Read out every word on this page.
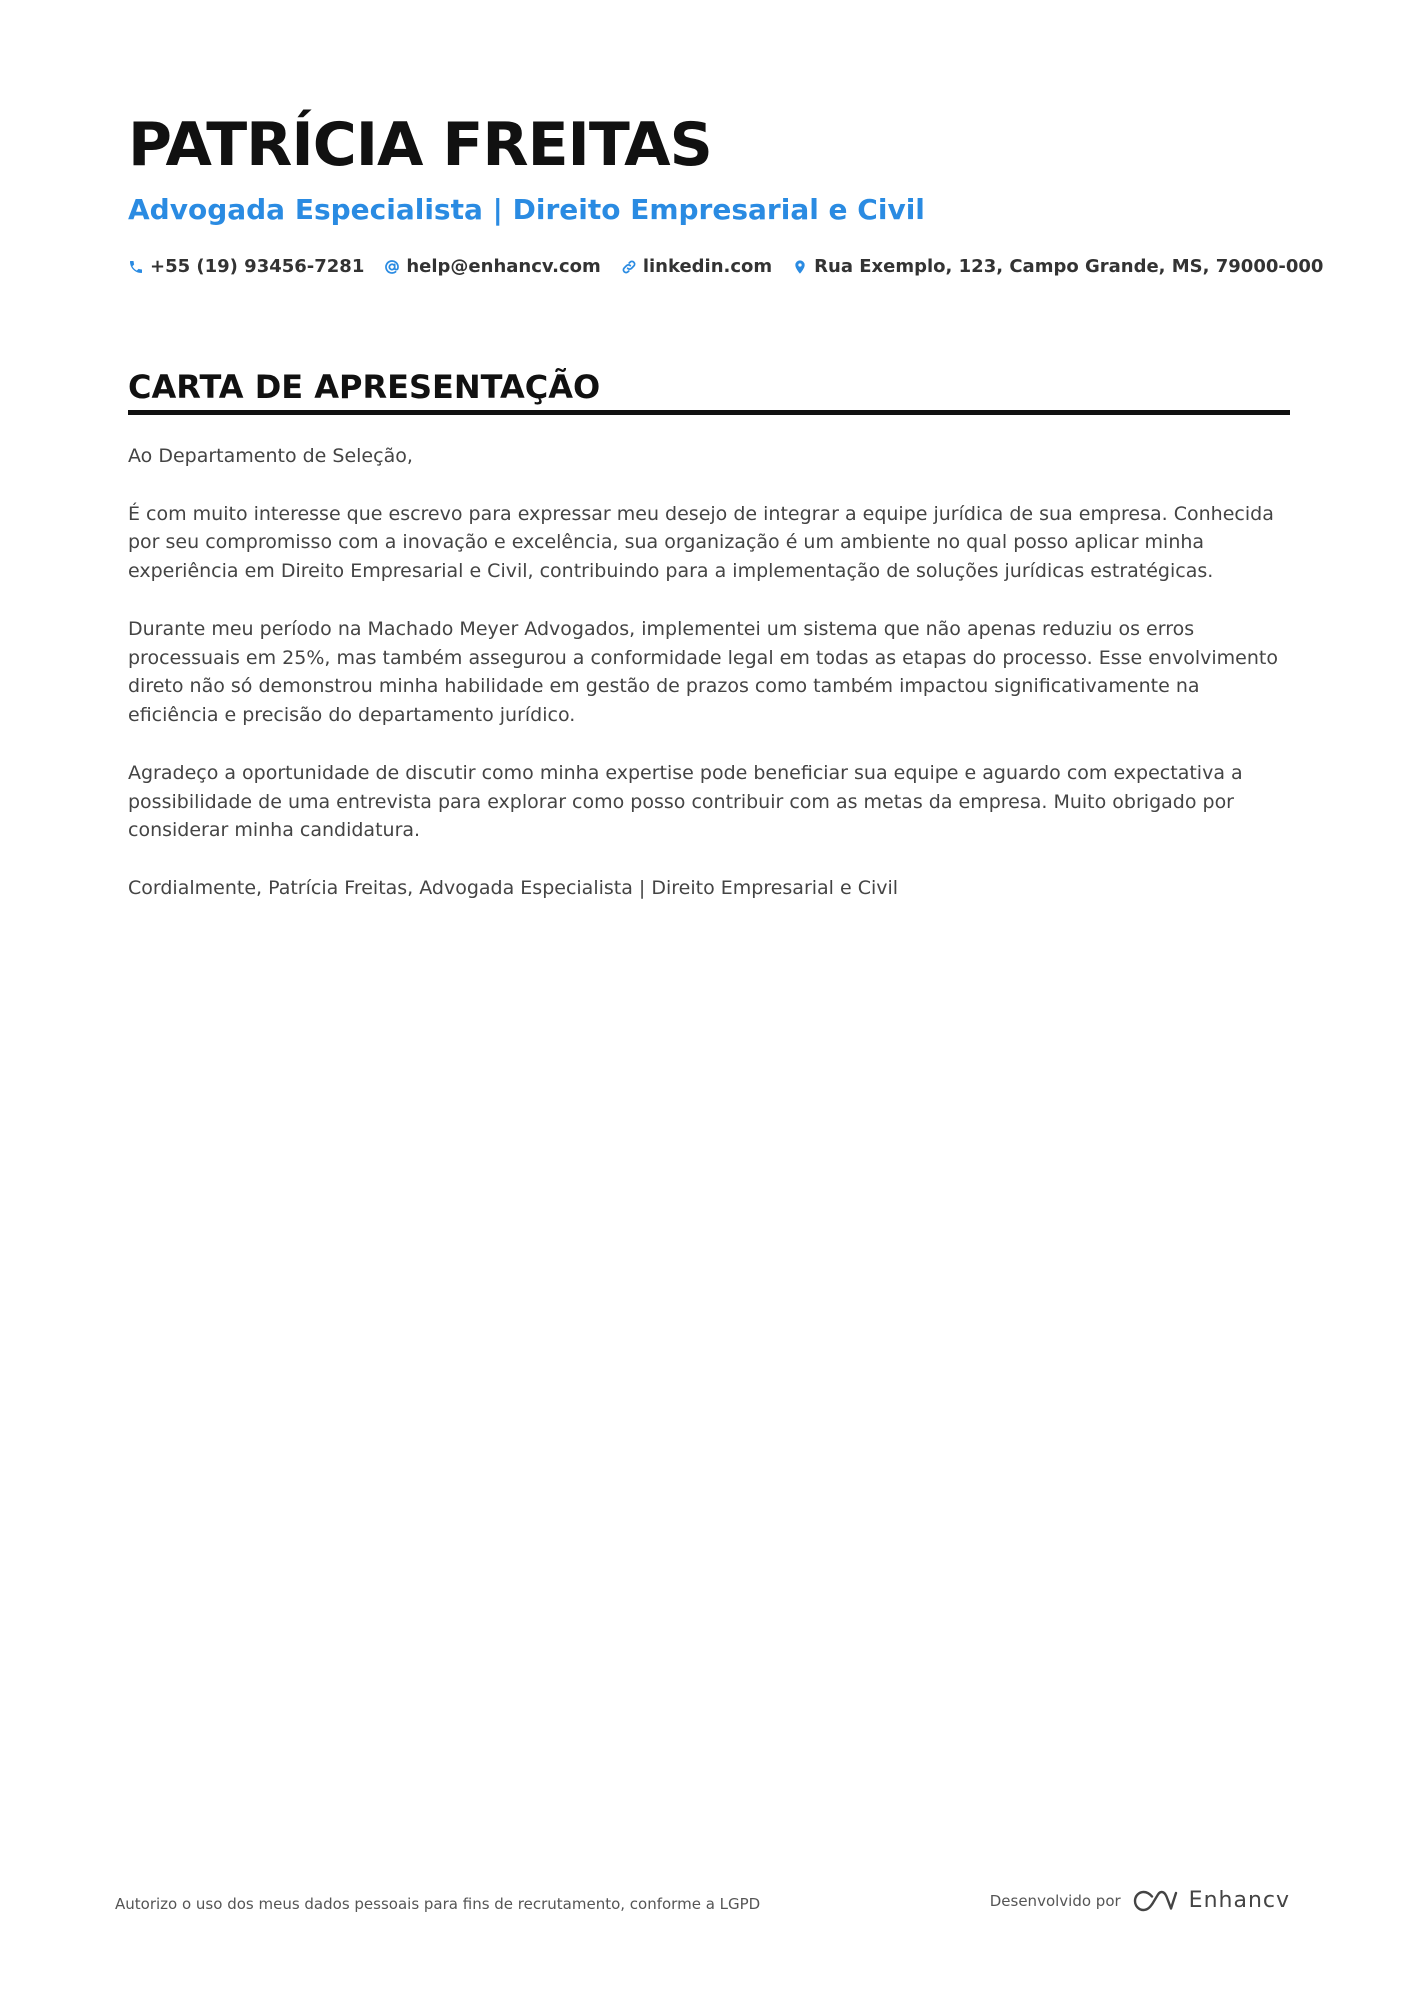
PATRÍCIA FREITAS
Advogada Especialista | Direito Empresarial e Civil
+55 (19) 93456-7281 help@enhancv.com linkedin.com Rua Exemplo, 123, Campo Grande, MS, 79000-000
CARTA DE APRESENTAÇÃO

Ao Departamento de Seleção,

É com muito interesse que escrevo para expressar meu desejo de integrar a equipe jurídica de sua empresa. Conhecida por seu compromisso com a inovação e excelência, sua organização é um ambiente no qual posso aplicar minha experiência em Direito Empresarial e Civil, contribuindo para a implementação de soluções jurídicas estratégicas.

Durante meu período na Machado Meyer Advogados, implementei um sistema que não apenas reduziu os erros processuais em 25%, mas também assegurou a conformidade legal em todas as etapas do processo. Esse envolvimento direto não só demonstrou minha habilidade em gestão de prazos como também impactou significativamente na eficiência e precisão do departamento jurídico.

Agradeço a oportunidade de discutir como minha expertise pode beneficiar sua equipe e aguardo com expectativa a possibilidade de uma entrevista para explorar como posso contribuir com as metas da empresa. Muito obrigado por considerar minha candidatura.

Cordialmente, Patrícia Freitas, Advogada Especialista | Direito Empresarial e Civil

Autorizo o uso dos meus dados pessoais para fins de recrutamento, conforme a LGPD	Desenvolvido por	Enhancv
